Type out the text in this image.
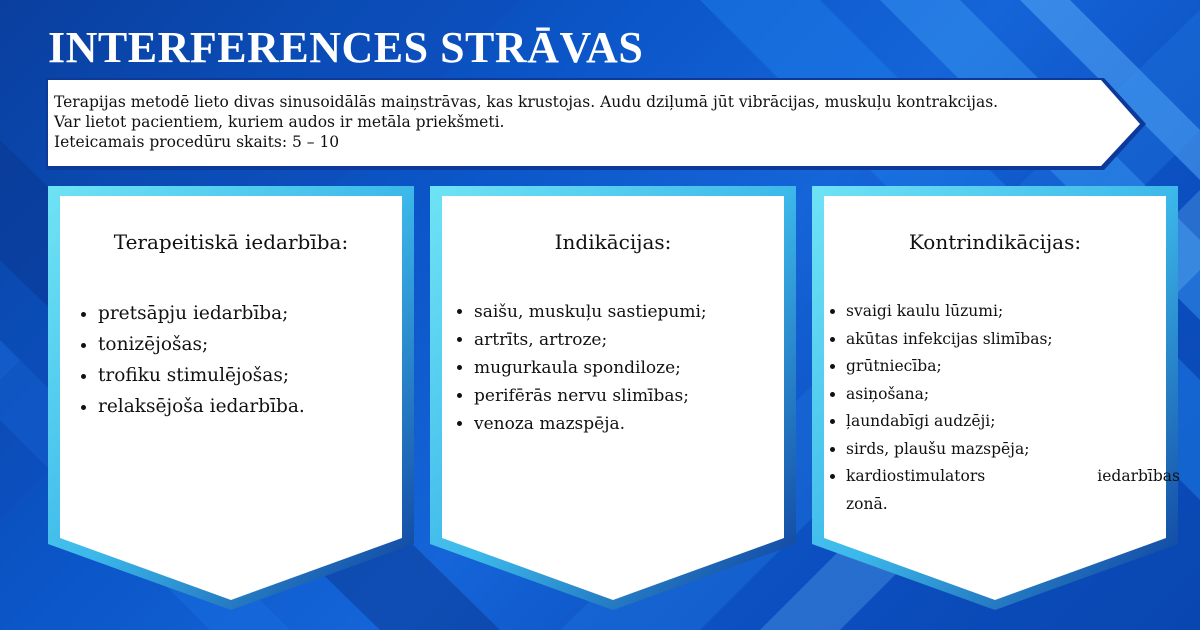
INTERFERENCES STRĀVAS
Terapijas metodē lieto divas sinusoidālās maiņstrāvas, kas krustojas. Audu dziļumā jūt vibrācijas, muskuļu kontrakcijas.
Var lietot pacientiem, kuriem audos ir metāla priekšmeti.
Ieteicamais procedūru skaits: 5 – 10
Terapeitiskā iedarbība:
• pretsāpju iedarbība;
• tonizējošas;
• trofiku stimulējošas;
• relaksējoša iedarbība.
Indikācijas:
• saišu, muskuļu sastiepumi;
• artrīts, artroze;
• mugurkaula spondiloze;
• perifērās nervu slimības;
• venoza mazspēja.
Kontrindikācijas:
• svaigi kaulu lūzumi;
• akūtas infekcijas slimības;
• grūtniecība;
• asiņošana;
• ļaundabīgi audzēji;
• sirds, plaušu mazspēja;
• kardiostimulators	iedarbības
zonā.
